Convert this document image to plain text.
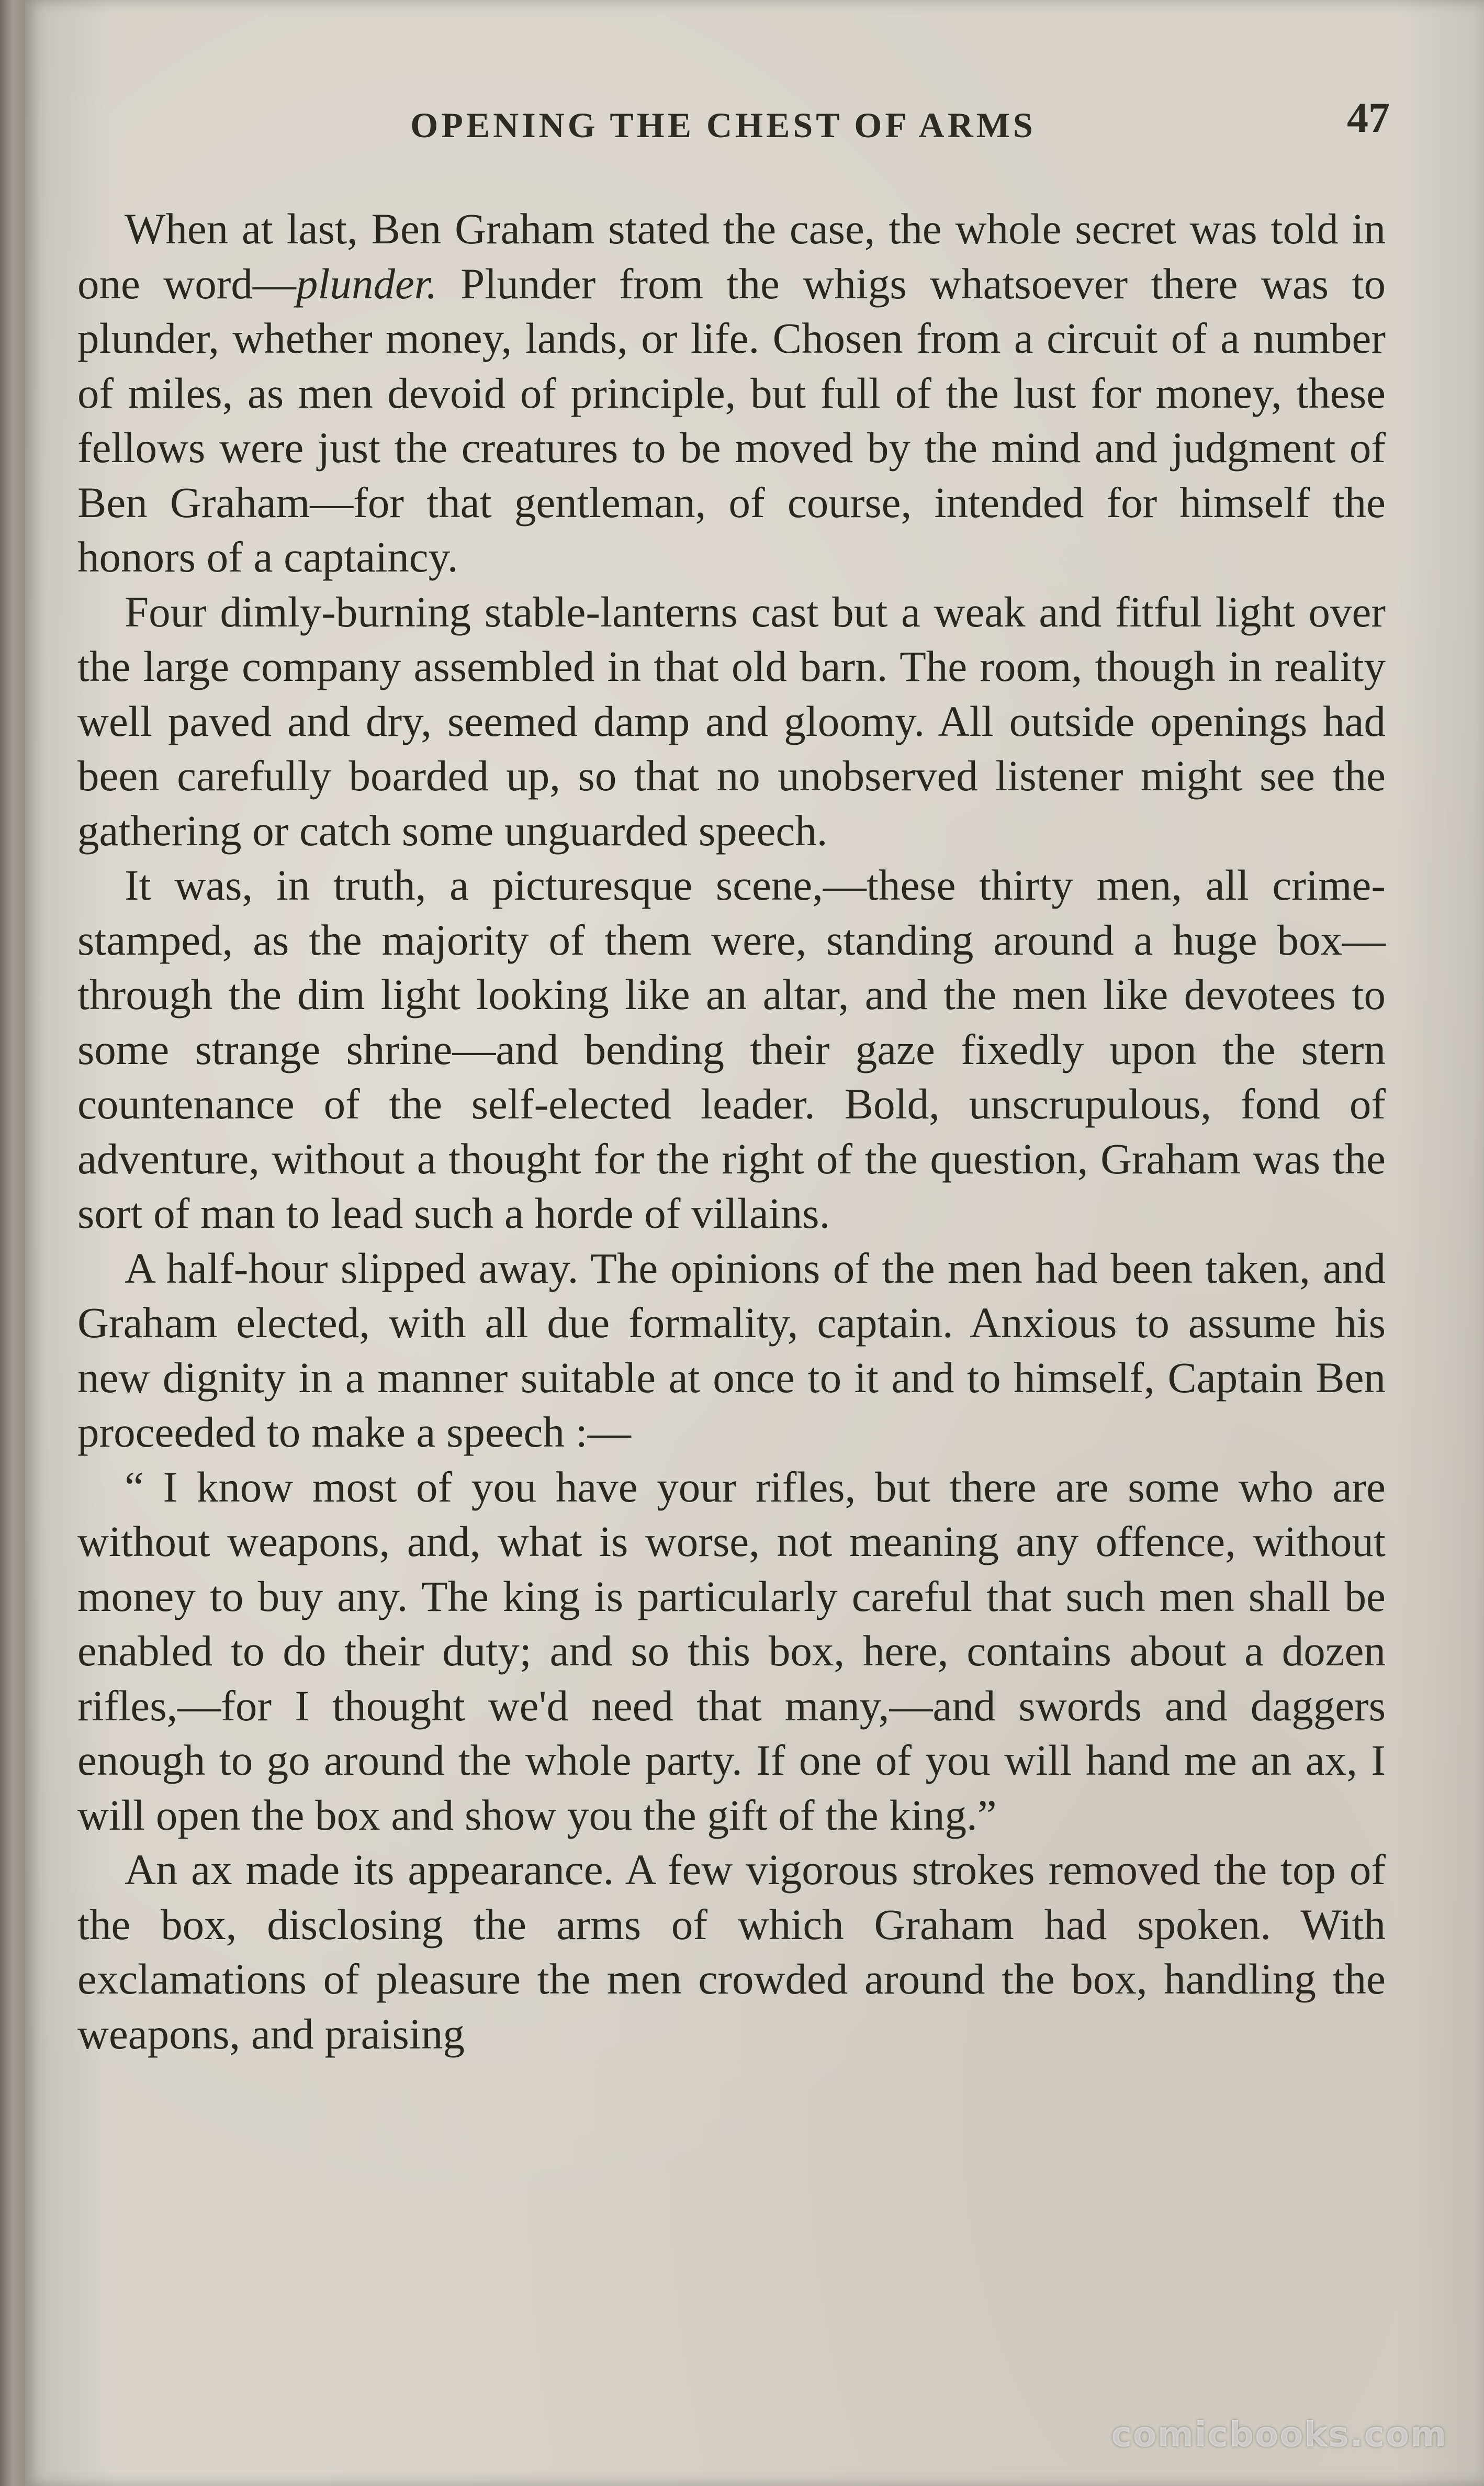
OPENING THE CHEST OF ARMS	47

When at last, Ben Graham stated the case, the whole secret was told in one word—plunder. Plunder from the whigs whatsoever there was to plunder, whether money, lands, or life. Chosen from a circuit of a number of miles, as men devoid of principle, but full of the lust for money, these fellows were just the creatures to be moved by the mind and judgment of Ben Graham—for that gentleman, of course, intended for himself the honors of a captaincy.

Four dimly-burning stable-lanterns cast but a weak and fitful light over the large company assembled in that old barn. The room, though in reality well paved and dry, seemed damp and gloomy. All outside openings had been carefully boarded up, so that no unobserved listener might see the gathering or catch some unguarded speech.

It was, in truth, a picturesque scene,—these thirty men, all crime-stamped, as the majority of them were, standing around a huge box—through the dim light looking like an altar, and the men like devotees to some strange shrine—and bending their gaze fixedly upon the stern countenance of the self-elected leader. Bold, unscrupulous, fond of adventure, without a thought for the right of the question, Graham was the sort of man to lead such a horde of villains.

A half-hour slipped away. The opinions of the men had been taken, and Graham elected, with all due formality, captain. Anxious to assume his new dignity in a manner suitable at once to it and to himself, Captain Ben proceeded to make a speech :—

“ I know most of you have your rifles, but there are some who are without weapons, and, what is worse, not meaning any offence, without money to buy any. The king is particularly careful that such men shall be enabled to do their duty; and so this box, here, contains about a dozen rifles,—for I thought we'd need that many,—and swords and daggers enough to go around the whole party. If one of you will hand me an ax, I will open the box and show you the gift of the king.”

An ax made its appearance. A few vigorous strokes removed the top of the box, disclosing the arms of which Graham had spoken. With exclamations of pleasure the men crowded around the box, handling the weapons, and praising

comicbooks.com
